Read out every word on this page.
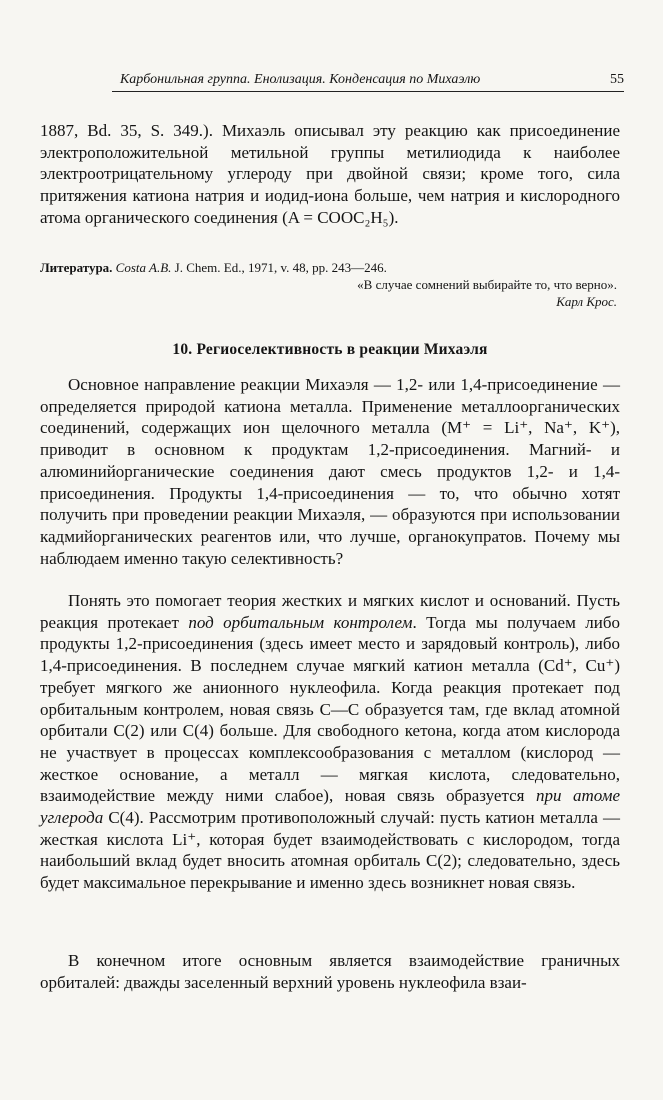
Карбонильная группа. Енолизация. Конденсация по Михаэлю	55
1887, Bd. 35, S. 349.). Михаэль описывал эту реакцию как присоединение электроположительной метильной группы метилиодида к наиболее электроотрицательному углероду при двойной связи; кроме того, сила притяжения катиона натрия и иодид-иона больше, чем натрия и кислородного атома органического соединения (A = COOC₂H₅).
Литература. Costa A.B. J. Chem. Ed., 1971, v. 48, pp. 243—246.
«В случае сомнений выбирайте то, что верно».
Карл Крос.
10. Региоселективность в реакции Михаэля
Основное направление реакции Михаэля — 1,2- или 1,4-присоединение — определяется природой катиона металла. Применение металлоорганических соединений, содержащих ион щелочного металла (M⁺ = Li⁺, Na⁺, K⁺), приводит в основном к продуктам 1,2-присоединения. Магний- и алюминийорганические соединения дают смесь продуктов 1,2- и 1,4-присоединения. Продукты 1,4-присоединения — то, что обычно хотят получить при проведении реакции Михаэля, — образуются при использовании кадмийорганических реагентов или, что лучше, органокупратов. Почему мы наблюдаем именно такую селективность?
Понять это помогает теория жестких и мягких кислот и оснований. Пусть реакция протекает под орбитальным контролем. Тогда мы получаем либо продукты 1,2-присоединения (здесь имеет место и зарядовый контроль), либо 1,4-присоединения. В последнем случае мягкий катион металла (Cd⁺, Cu⁺) требует мягкого же анионного нуклеофила. Когда реакция протекает под орбитальным контролем, новая связь C—C образуется там, где вклад атомной орбитали C(2) или C(4) больше. Для свободного кетона, когда атом кислорода не участвует в процессах комплексообразования с металлом (кислород — жесткое основание, а металл — мягкая кислота, следовательно, взаимодействие между ними слабое), новая связь образуется при атоме углерода C(4). Рассмотрим противоположный случай: пусть катион металла — жесткая кислота Li⁺, которая будет взаимодействовать с кислородом, тогда наибольший вклад будет вносить атомная орбиталь C(2); следовательно, здесь будет максимальное перекрывание и именно здесь возникнет новая связь.
В конечном итоге основным является взаимодействие граничных орбиталей: дважды заселенный верхний уровень нуклеофила взаи-
